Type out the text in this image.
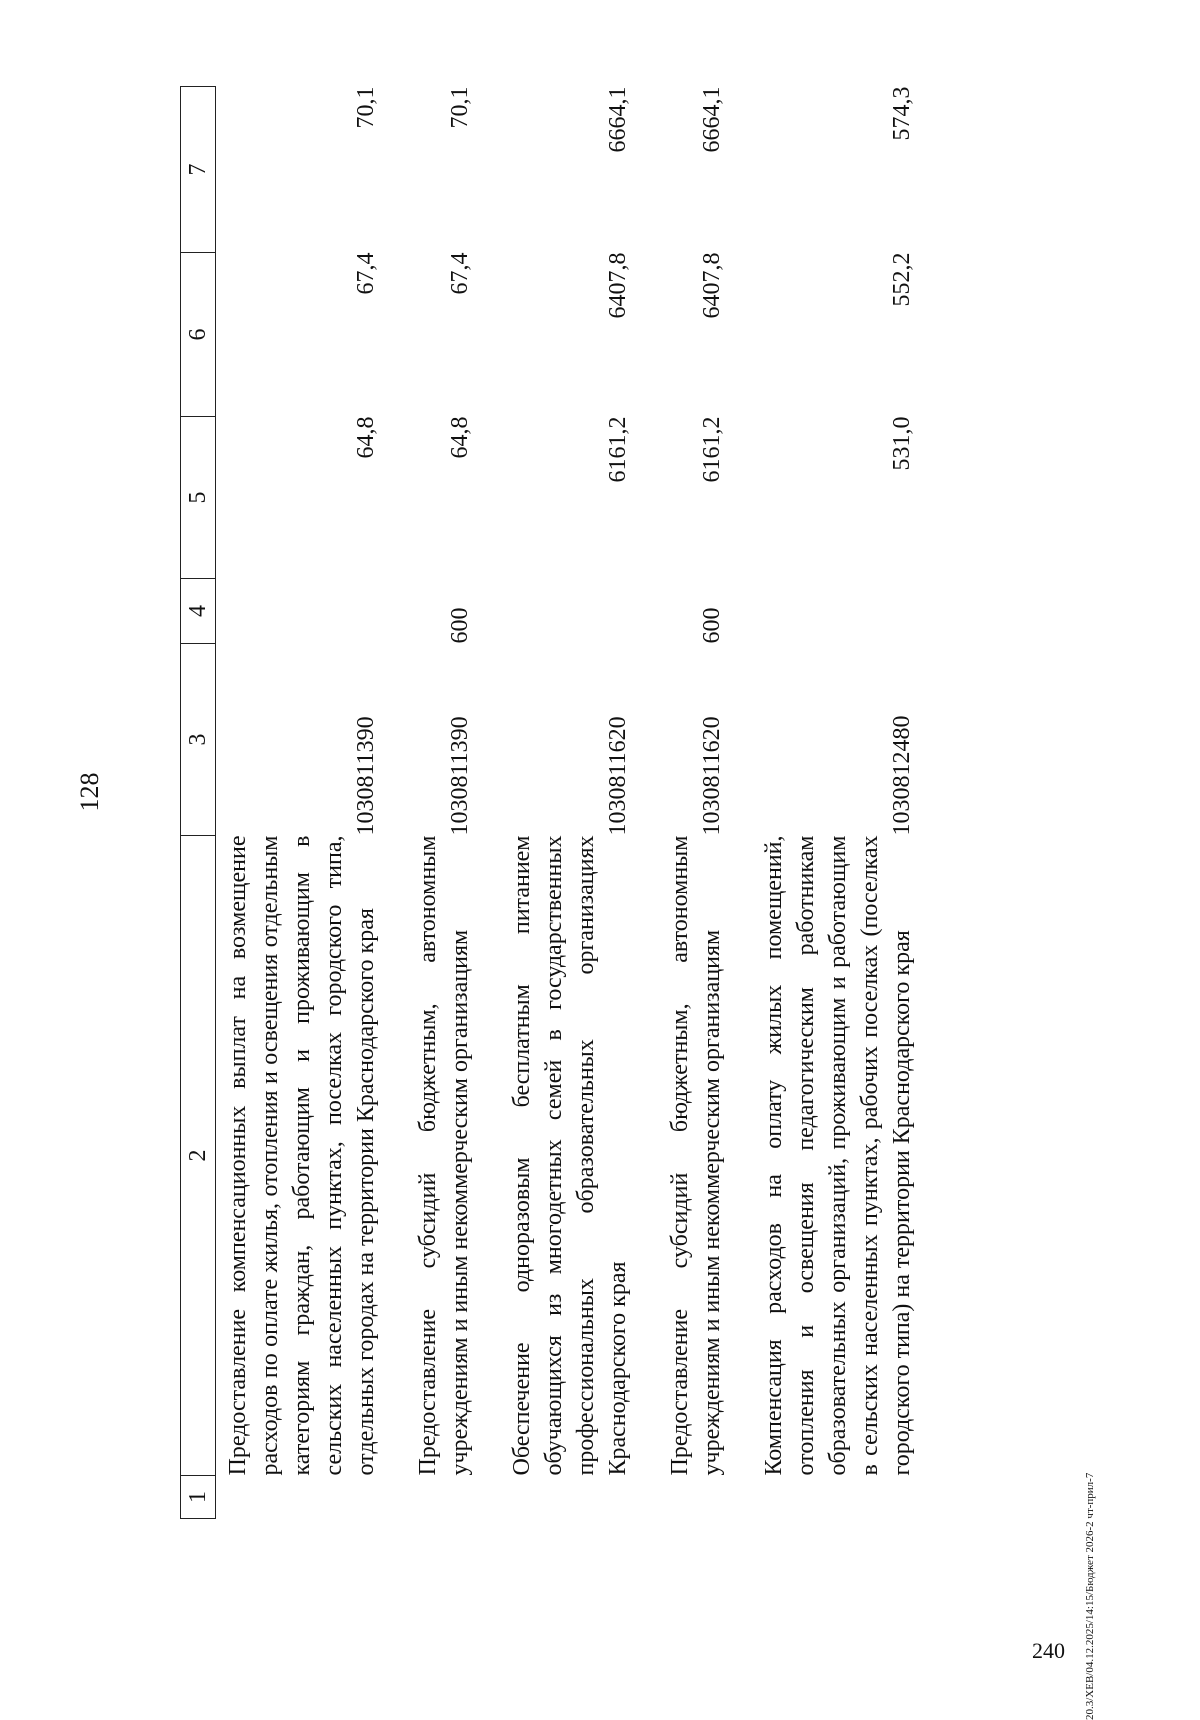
128
1	2	3	4	5	6	7
	Предоставление компенсационных выплат на возмещение расходов по оплате жилья, отопления и освещения отдельным категориям граждан, работающим и проживающим в сельских населенных пунктах, поселках городского типа, отдельных городах на территории Краснодарского края	1030811390		64,8	67,4	70,1
	Предоставление субсидий бюджетным, автономным учреждениям и иным некоммерческим организациям	1030811390	600	64,8	67,4	70,1
	Обеспечение одноразовым бесплатным питанием обучающихся из многодетных семей в государственных профессиональных образовательных организациях Краснодарского края	1030811620		6161,2	6407,8	6664,1
	Предоставление субсидий бюджетным, автономным учреждениям и иным некоммерческим организациям	1030811620	600	6161,2	6407,8	6664,1
	Компенсация расходов на оплату жилых помещений, отопления и освещения педагогическим работникам образовательных организаций, проживающим и работающим в сельских населенных пунктах, рабочих поселках (поселках городского типа) на территории Краснодарского края	1030812480		531,0	552,2	574,3
20.3/ХЕВ/04.12.2025/14:15/Бюджет 2026-2 чт-прил-7
240
